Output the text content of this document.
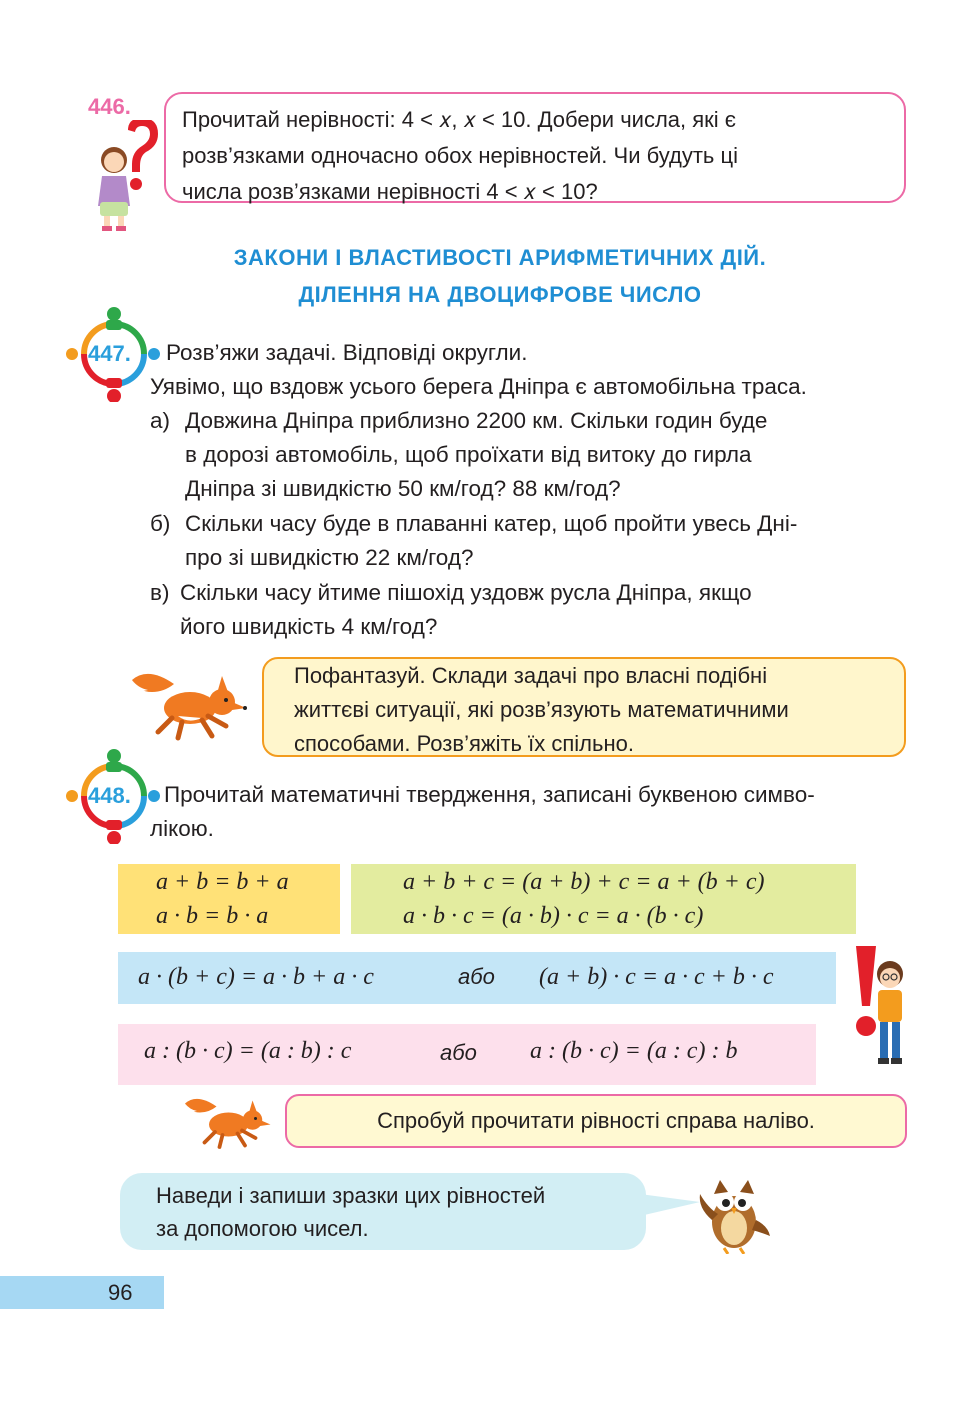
446.

Прочитай нерівності: 4 < 𝑥, 𝑥 < 10. Добери числа, які є

розв’язками одночасно обох нерівностей. Чи будуть ці

числа розв’язками нерівності 4 < 𝑥 < 10?

ЗАКОНИ І ВЛАСТИВОСТІ АРИФМЕТИЧНИХ ДІЙ.
ДІЛЕННЯ НА ДВОЦИФРОВЕ ЧИСЛО
447. Розв’яжи задачі. Відповіді округли.
Уявімо, що вздовж усього берега Дніпра є автомобільна траса.
а) Довжина Дніпра приблизно 2200 км. Скільки годин буде
в дорозі автомобіль, щоб проїхати від витоку до гирла
Дніпра зі швидкістю 50 км/год? 88 км/год?
б) Скільки часу буде в плаванні катер, щоб пройти увесь Дні-
про зі швидкістю 22 км/год?
в) Скільки часу йтиме пішохід уздовж русла Дніпра, якщо
його швидкість 4 км/год?

Пофантазуй. Склади задачі про власні подібні

життєві ситуації, які розв’язують математичними

способами. Розв’яжіть їх спільно.

448. Прочитай математичні твердження, записані буквеною симво-
лікою.
a + b = b + a
a · b = b · a
a + b + c = (a + b) + c = a + (b + c)
a · b · c = (a · b) · c = a · (b · c)
a · (b + c) = a · b + a · c	або (a + b) · c = a · c + b · c
a : (b · c) = (a : b) : c	або a : (b · c) = (a : c) : b
Спробуй прочитати рівності справа наліво.

Наведи і запиши зразки цих рівностей

за допомогою чисел.

96
